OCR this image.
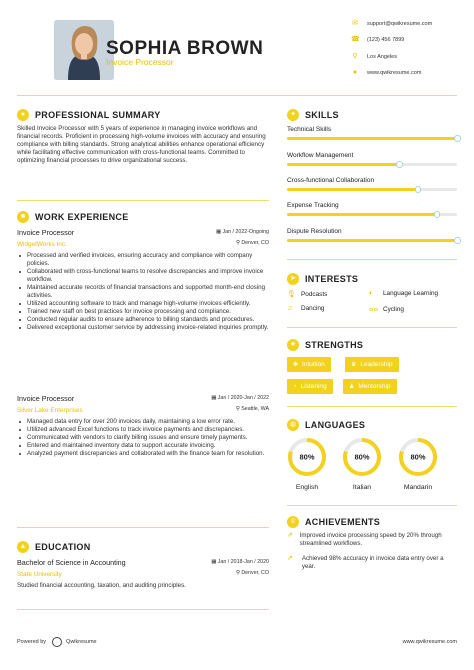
SOPHIA BROWN
Invoice Processor
✉ support@qwikresume.com
☎ (123) 456 7899
⚲ Los Angeles
●	www.qwikresume.com
●	PROFESSIONAL SUMMARY
Skilled Invoice Processor with 5 years of experience in managing invoice workflows and financial records. Proficient in processing high-volume invoices with accuracy and ensuring compliance with billing standards. Strong analytical abilities enhance operational efficiency while facilitating effective communication with cross-functional teams. Committed to optimizing financial processes to drive organizational success.
■	WORK EXPERIENCE
Invoice Processor
WidgetWorks Inc.
▦ Jan / 2022-Ongoing
⚲ Denver, CO
Processed and verified invoices, ensuring accuracy and compliance with company policies.
Collaborated with cross-functional teams to resolve discrepancies and improve invoice workflow.
Maintained accurate records of financial transactions and supported month-end closing activities.
Utilized accounting software to track and manage high-volume invoices efficiently.
Trained new staff on best practices for invoice processing and compliance.
Conducted regular audits to ensure adherence to billing standards and procedures.
Delivered exceptional customer service by addressing invoice-related inquiries promptly.
Invoice Processor
Silver Lake Enterprises
▦ Jan / 2020-Jan / 2022
⚲ Seattle, WA
Managed data entry for over 200 invoices daily, maintaining a low error rate.
Utilized advanced Excel functions to track invoice payments and discrepancies.
Communicated with vendors to clarify billing issues and ensure timely payments.
Entered and maintained inventory data to support accurate invoicing.
Analyzed payment discrepancies and collaborated with the finance team for resolution.
▲ EDUCATION
Bachelor of Science in Accounting
State University
▦ Jan / 2018-Jan / 2020
⚲ Denver, CO
Studied financial accounting, taxation, and auditing principles.
✦	SKILLS
Technical Skills
Workflow Management
Cross-functional Collaboration
Expense Tracking
Dispute Resolution
➤	INTERESTS
🎙 Podcasts	◐	Language Learning
♫	Dancing	ⴰⴰ Cycling
★ STRENGTHS
✱ Intuition	♛ Leadership
◔ Listening	♟ Mentorship
◍ LANGUAGES
80%
English
80%
Italian
80%
Mandarin
♕ ACHIEVEMENTS
⇗ Improved invoice processing speed by 20% through streamlined workflows.
⇗	Achieved 98% accuracy in invoice data entry over a year.
Powered by	Qwikresume	www.qwikresume.com
